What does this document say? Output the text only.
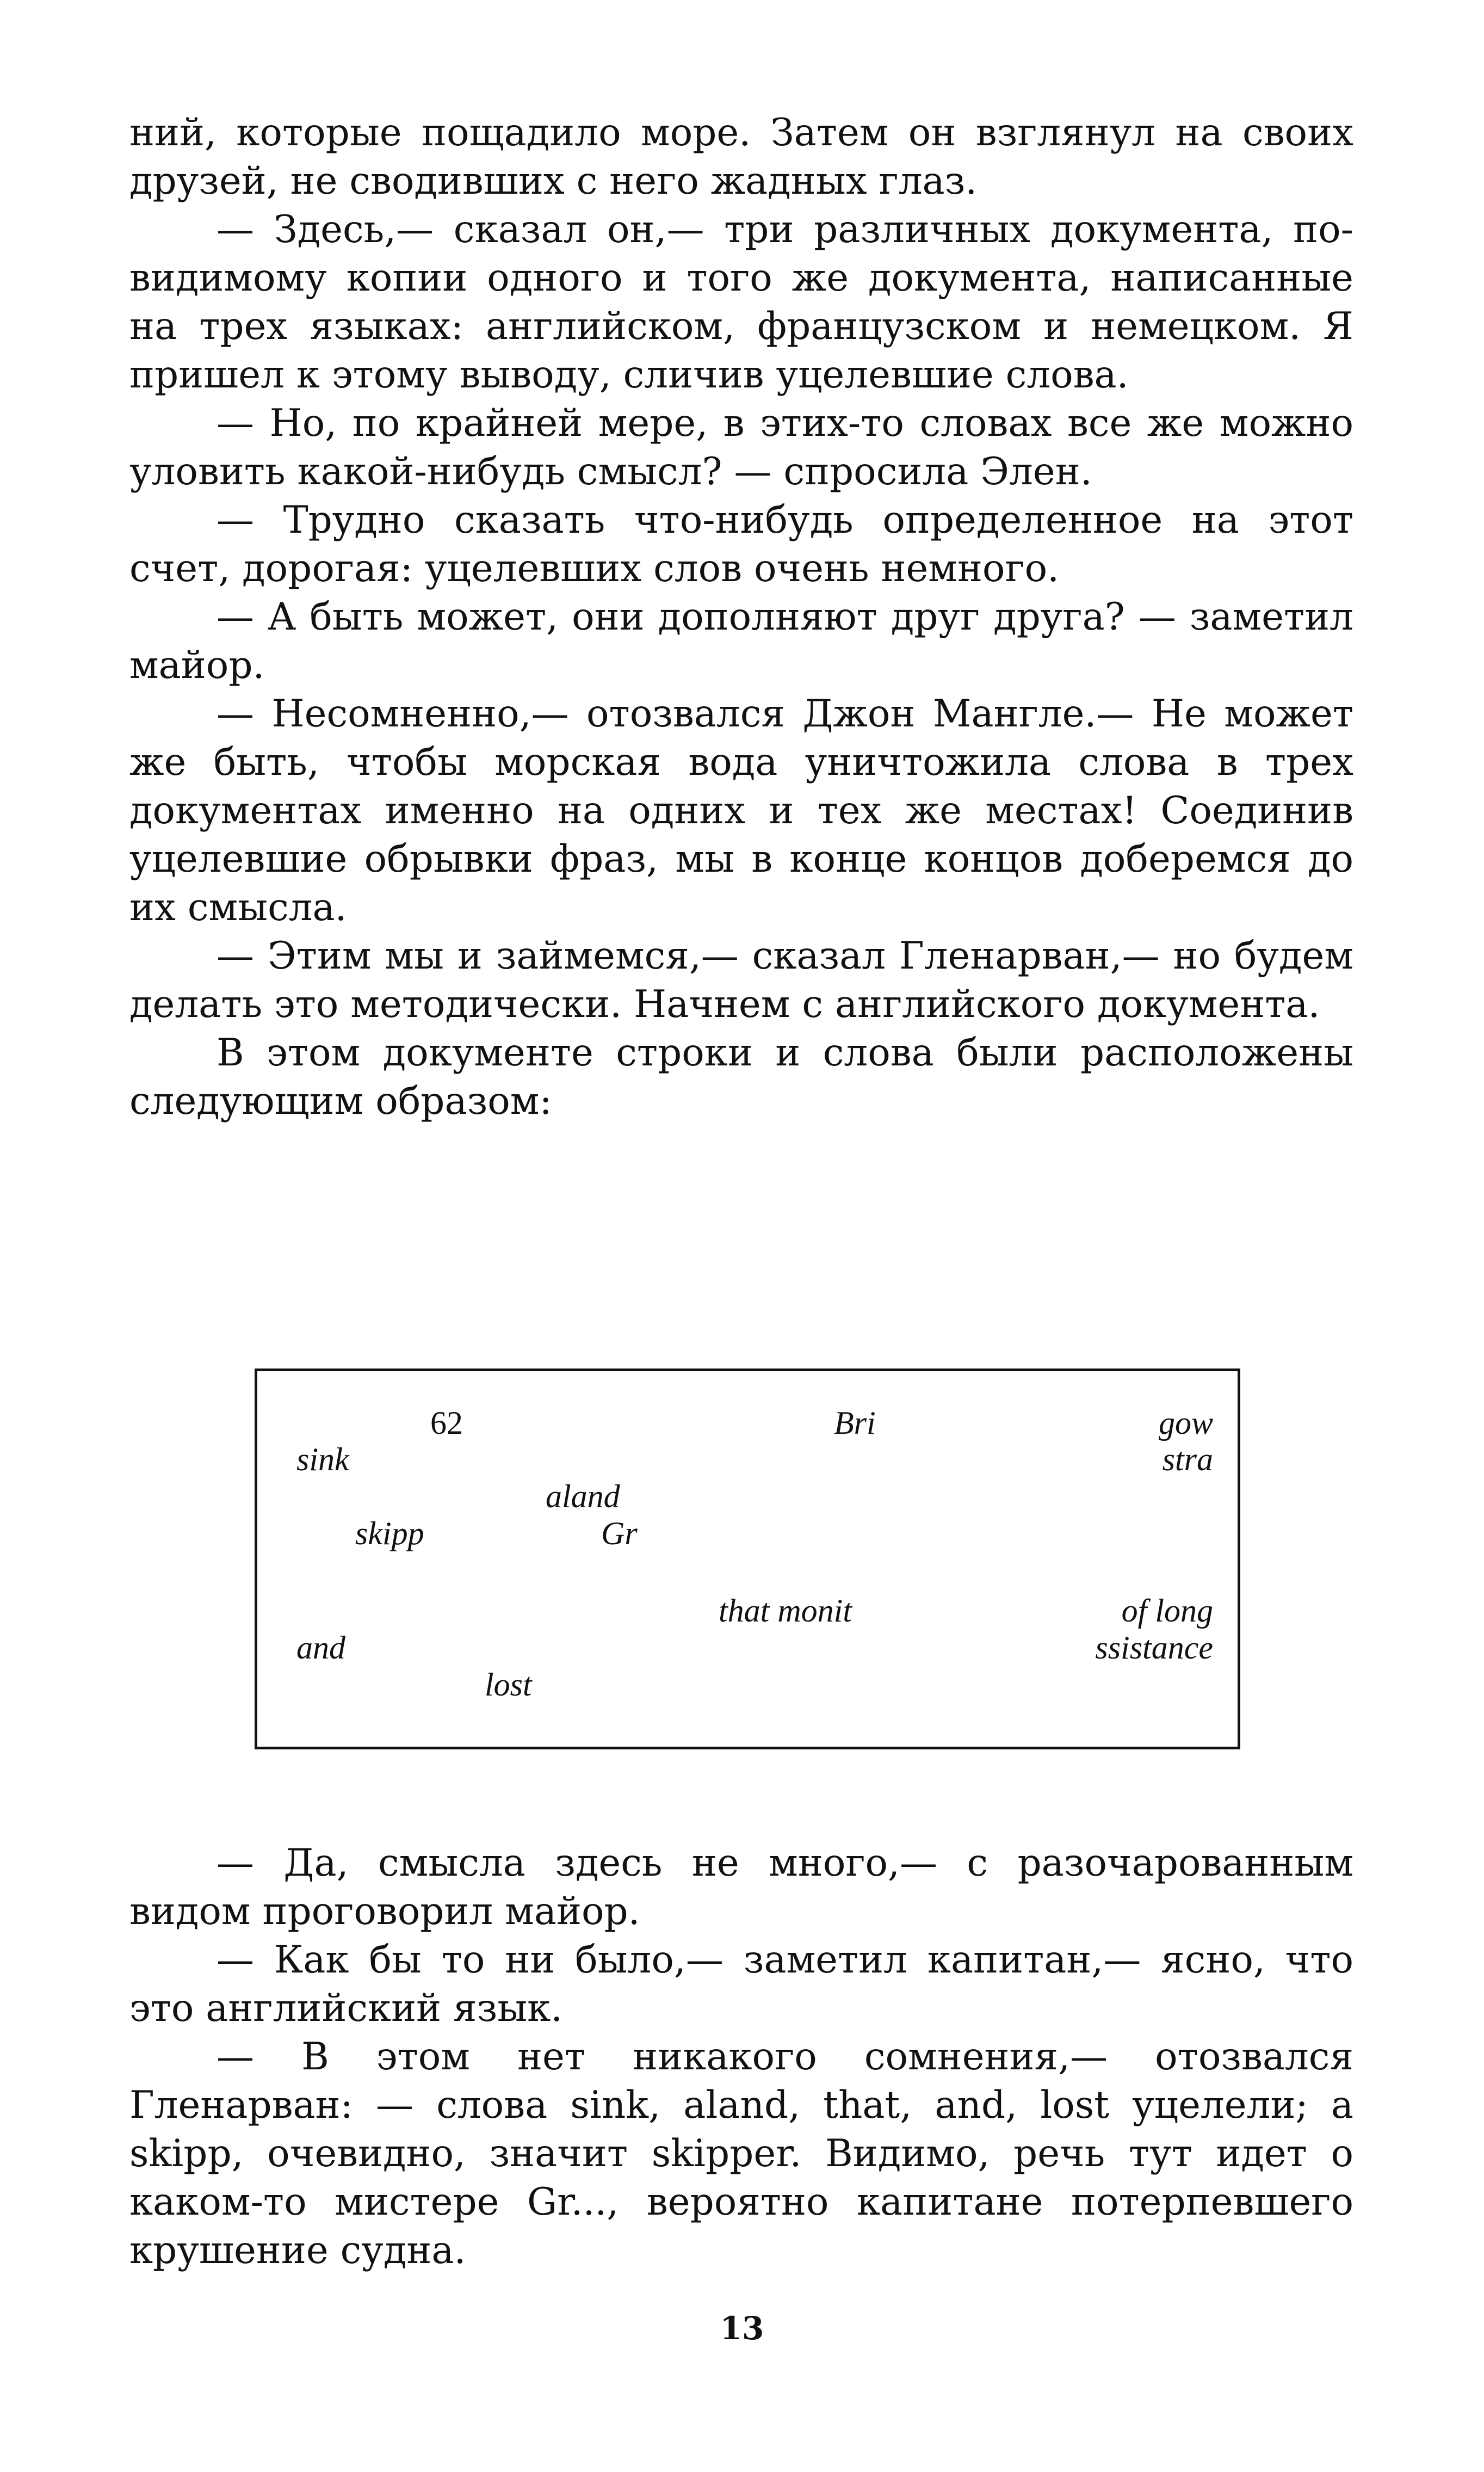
ний, которые пощадило море. Затем он взглянул на своих друзей, не сводивших с него жадных глаз.

— Здесь,— сказал он,— три различных документа, по-видимому копии одного и того же документа, написанные на трех языках: английском, французском и немецком. Я пришел к этому выводу, сличив уцелевшие слова.

— Но, по крайней мере, в этих-то словах все же можно уловить какой-нибудь смысл? — спросила Элен.

— Трудно сказать что-нибудь определенное на этот счет, дорогая: уцелевших слов очень немного.

— А быть может, они дополняют друг друга? — заметил майор.

— Несомненно,— отозвался Джон Мангле.— Не может же быть, чтобы морская вода уничтожила слова в трех документах именно на одних и тех же местах! Соединив уцелевшие обрывки фраз, мы в конце концов доберемся до их смысла.

— Этим мы и займемся,— сказал Гленарван,— но будем делать это методически. Начнем с английского документа.

В этом документе строки и слова были расположены следующим образом:

62	Bri	gow
sink	stra
aland
skipp	Gr
that monit	of long
and	ssistance
lost

— Да, смысла здесь не много,— с разочарованным видом проговорил майор.

— Как бы то ни было,— заметил капитан,— ясно, что это английский язык.

— В этом нет никакого сомнения,— отозвался Гленарван: — слова sink, aland, that, and, lost уцелели; а skipp, очевидно, значит skipper. Видимо, речь тут идет о каком-то мистере Gr..., вероятно капитане потерпевшего крушение судна.

13
